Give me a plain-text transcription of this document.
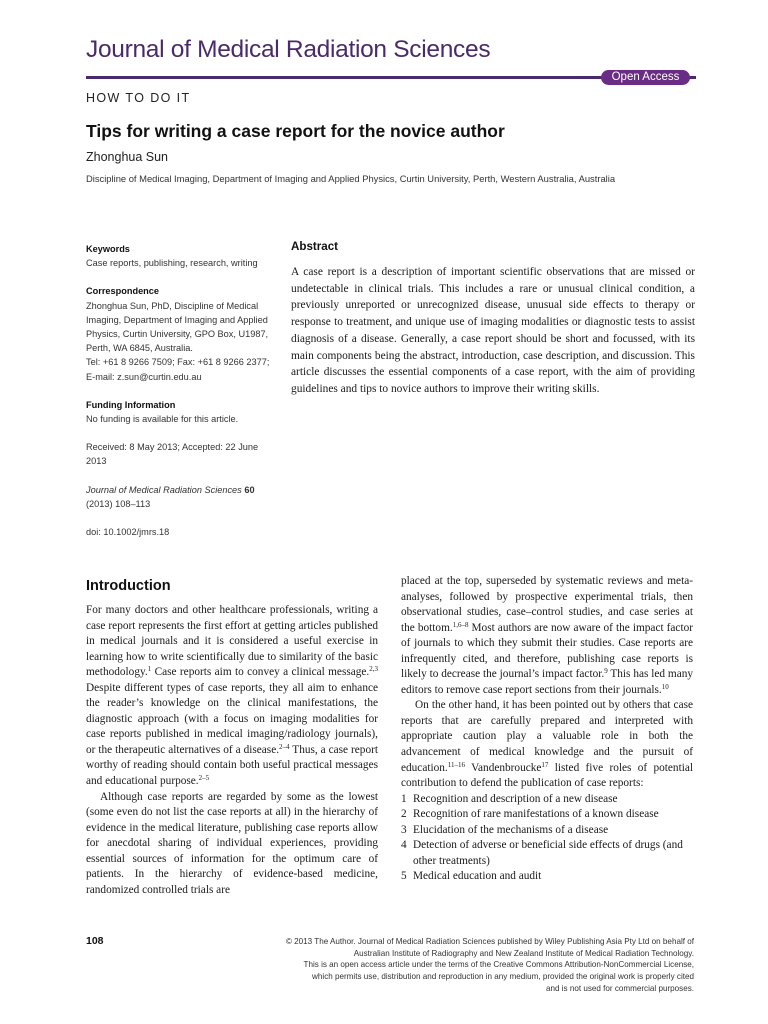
Journal of Medical Radiation Sciences
Open Access
HOW TO DO IT
Tips for writing a case report for the novice author
Zhonghua Sun
Discipline of Medical Imaging, Department of Imaging and Applied Physics, Curtin University, Perth, Western Australia, Australia
Keywords
Case reports, publishing, research, writing
Correspondence
Zhonghua Sun, PhD, Discipline of Medical
Imaging, Department of Imaging and Applied
Physics, Curtin University, GPO Box, U1987,
Perth, WA 6845, Australia.
Tel: +61 8 9266 7509; Fax: +61 8 9266 2377;
E-mail: z.sun@curtin.edu.au
Funding Information
No funding is available for this article.
Received: 8 May 2013; Accepted: 22 June
2013
Journal of Medical Radiation Sciences 60
(2013) 108–113
doi: 10.1002/jmrs.18
Abstract

A case report is a description of important scientific observations that are missed or undetectable in clinical trials. This includes a rare or unusual clinical condition, a previously unreported or unrecognized disease, unusual side effects to therapy or response to treatment, and unique use of imaging modalities or diagnostic tests to assist diagnosis of a disease. Generally, a case report should be short and focussed, with its main components being the abstract, introduction, case description, and discussion. This article discusses the essential components of a case report, with the aim of providing guidelines and tips to novice authors to improve their writing skills.

Introduction

For many doctors and other healthcare professionals, writing a case report represents the first effort at getting articles published in medical journals and it is considered a useful exercise in learning how to write scientifically due to similarity of the basic methodology.$^1$ Case reports aim to convey a clinical message.$^{2,3}$ Despite different types of case reports, they all aim to enhance the reader’s knowledge on the clinical manifestations, the diagnostic approach (with a focus on imaging modalities for case reports published in medical imaging/radiology journals), or the therapeutic alternatives of a disease.$^{2-4}$ Thus, a case report worthy of reading should contain both useful practical messages and educational purpose.$^{2-5}$

Although case reports are regarded by some as the lowest (some even do not list the case reports at all) in the hierarchy of evidence in the medical literature, publishing case reports allow for anecdotal sharing of individual experiences, providing essential sources of information for the optimum care of patients. In the hierarchy of evidence-based medicine, randomized controlled trials are

placed at the top, superseded by systematic reviews and meta-analyses, followed by prospective experimental trials, then observational studies, case–control studies, and case series at the bottom.$^{1,6-8}$ Most authors are now aware of the impact factor of journals to which they submit their studies. Case reports are infrequently cited, and therefore, publishing case reports is likely to decrease the journal’s impact factor.$^9$ This has led many editors to remove case report sections from their journals.$^{10}$

On the other hand, it has been pointed out by others that case reports that are carefully prepared and interpreted with appropriate caution play a valuable role in both the advancement of medical knowledge and the pursuit of education.$^{11-16}$ Vandenbroucke$^{17}$ listed five roles of potential contribution to defend the publication of case reports:

1 Recognition and description of a new disease
2 Recognition of rare manifestations of a known disease
3 Elucidation of the mechanisms of a disease
4 Detection of adverse or beneficial side effects of drugs (and other treatments)
5 Medical education and audit
108	© 2013 The Author. Journal of Medical Radiation Sciences published by Wiley Publishing Asia Pty Ltd on behalf of
Australian Institute of Radiography and New Zealand Institute of Medical Radiation Technology.
This is an open access article under the terms of the Creative Commons Attribution-NonCommercial License,
which permits use, distribution and reproduction in any medium, provided the original work is properly cited
and is not used for commercial purposes.
